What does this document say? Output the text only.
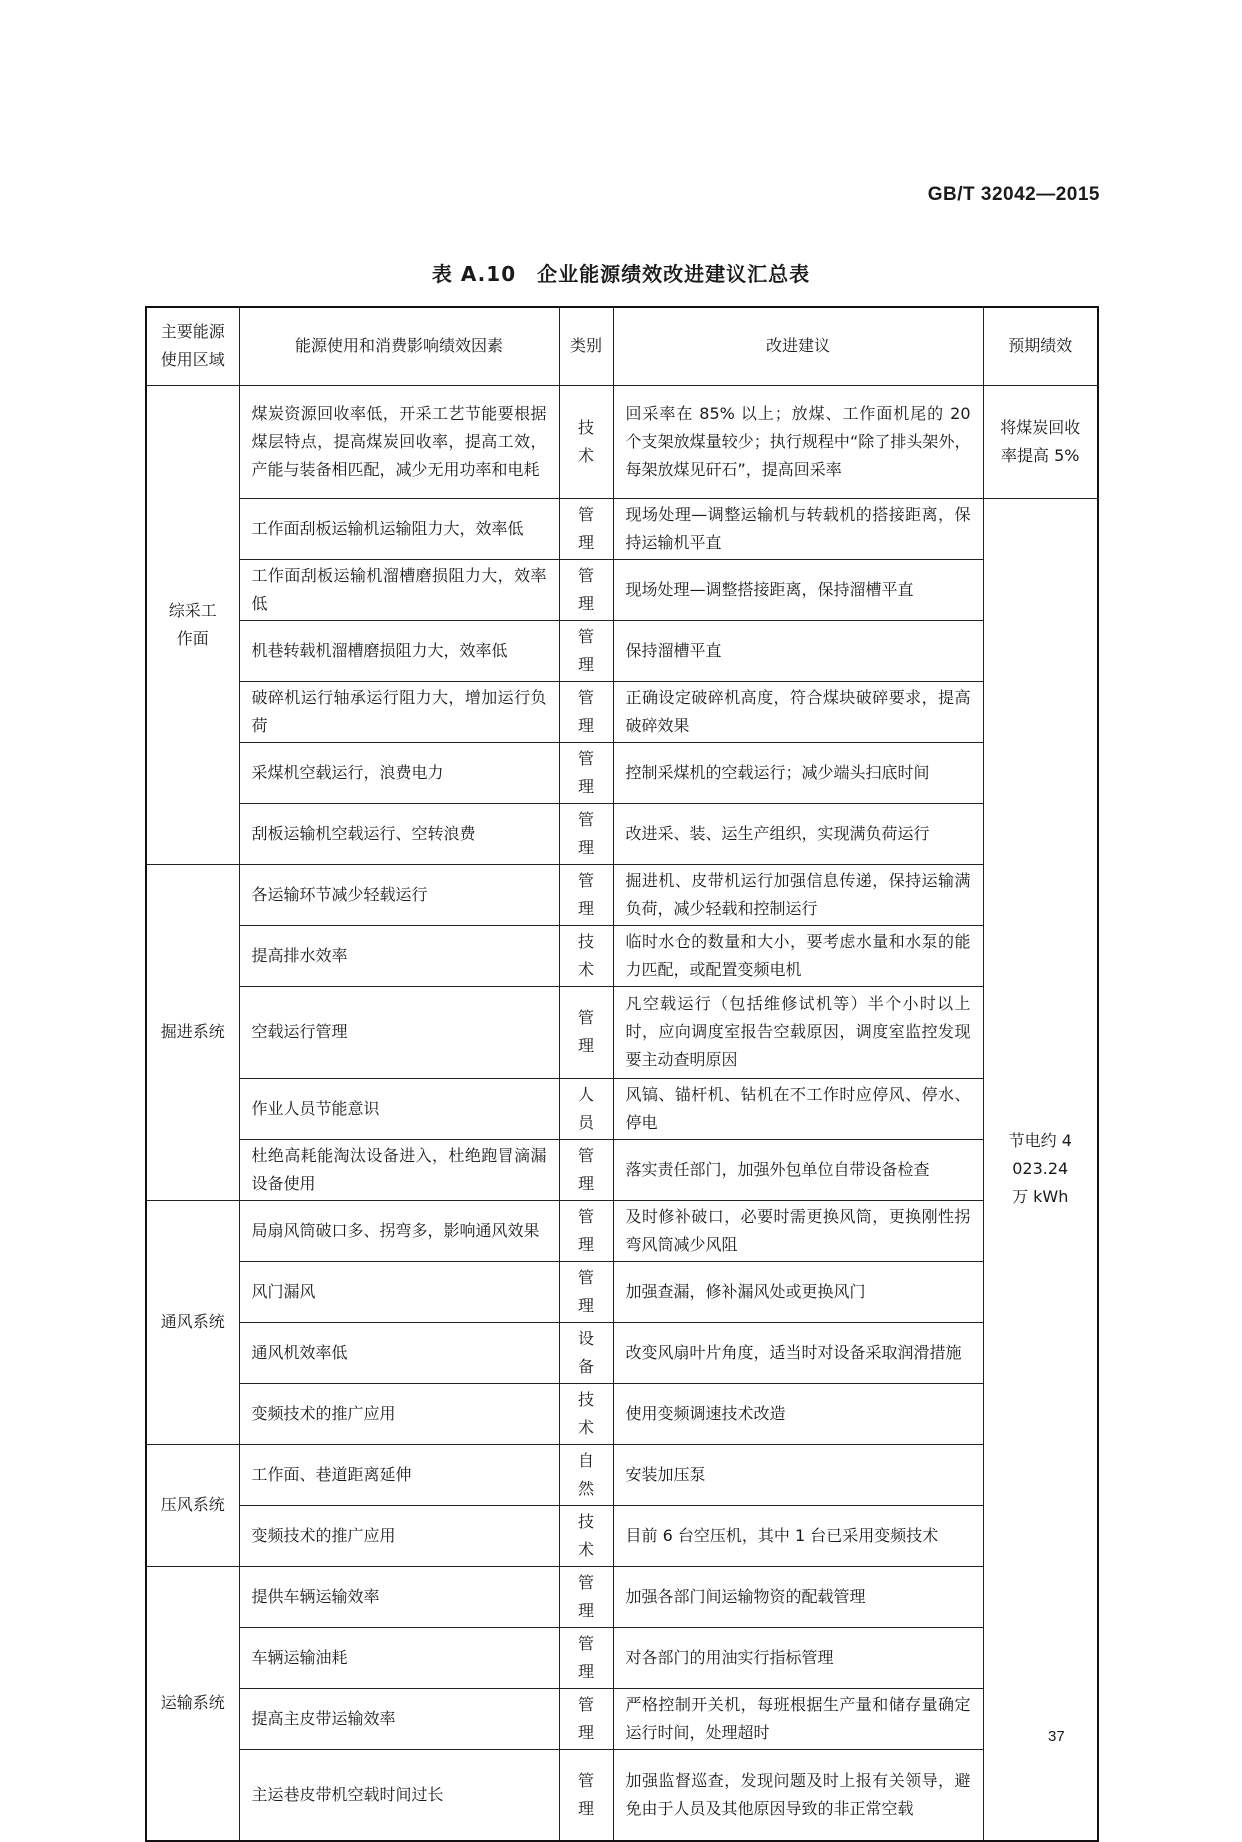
GB/T 32042—2015
表 A.10　企业能源绩效改进建议汇总表
主要能源使用区域	能源使用和消费影响绩效因素	类别	改进建议	预期绩效
综采工作面	煤炭资源回收率低，开采工艺节能要根据煤层特点，提高煤炭回收率，提高工效，产能与装备相匹配，减少无用功率和电耗	技术	回采率在 85% 以上；放煤、工作面机尾的 20 个支架放煤量较少；执行规程中“除了排头架外，每架放煤见矸石”，提高回采率	将煤炭回收率提高 5%
	工作面刮板运输机运输阻力大，效率低	管理	现场处理—调整运输机与转载机的搭接距离，保持运输机平直	节电约 4 023.24 万 kWh
	工作面刮板运输机溜槽磨损阻力大，效率低	管理	现场处理—调整搭接距离，保持溜槽平直	
	机巷转载机溜槽磨损阻力大，效率低	管理	保持溜槽平直	
	破碎机运行轴承运行阻力大，增加运行负荷	管理	正确设定破碎机高度，符合煤块破碎要求，提高破碎效果	
	采煤机空载运行，浪费电力	管理	控制采煤机的空载运行；减少端头扫底时间	
	刮板运输机空载运行、空转浪费	管理	改进采、装、运生产组织，实现满负荷运行	
掘进系统	各运输环节减少轻载运行	管理	掘进机、皮带机运行加强信息传递，保持运输满负荷，减少轻载和控制运行	
	提高排水效率	技术	临时水仓的数量和大小，要考虑水量和水泵的能力匹配，或配置变频电机	
	空载运行管理	管理	凡空载运行（包括维修试机等）半个小时以上时，应向调度室报告空载原因，调度室监控发现要主动查明原因	
	作业人员节能意识	人员	风镐、锚杆机、钻机在不工作时应停风、停水、停电	
	杜绝高耗能淘汰设备进入，杜绝跑冒滴漏设备使用	管理	落实责任部门，加强外包单位自带设备检查	
通风系统	局扇风筒破口多、拐弯多，影响通风效果	管理	及时修补破口，必要时需更换风筒，更换刚性拐弯风筒减少风阻	
	风门漏风	管理	加强查漏，修补漏风处或更换风门	
	通风机效率低	设备	改变风扇叶片角度，适当时对设备采取润滑措施	
	变频技术的推广应用	技术	使用变频调速技术改造	
压风系统	工作面、巷道距离延伸	自然	安装加压泵	
	变频技术的推广应用	技术	目前 6 台空压机，其中 1 台已采用变频技术	
运输系统	提供车辆运输效率	管理	加强各部门间运输物资的配载管理	
	车辆运输油耗	管理	对各部门的用油实行指标管理	
	提高主皮带运输效率	管理	严格控制开关机，每班根据生产量和储存量确定运行时间，处理超时	
	主运巷皮带机空载时间过长	管理	加强监督巡查，发现问题及时上报有关领导，避免由于人员及其他原因导致的非正常空载	
37
